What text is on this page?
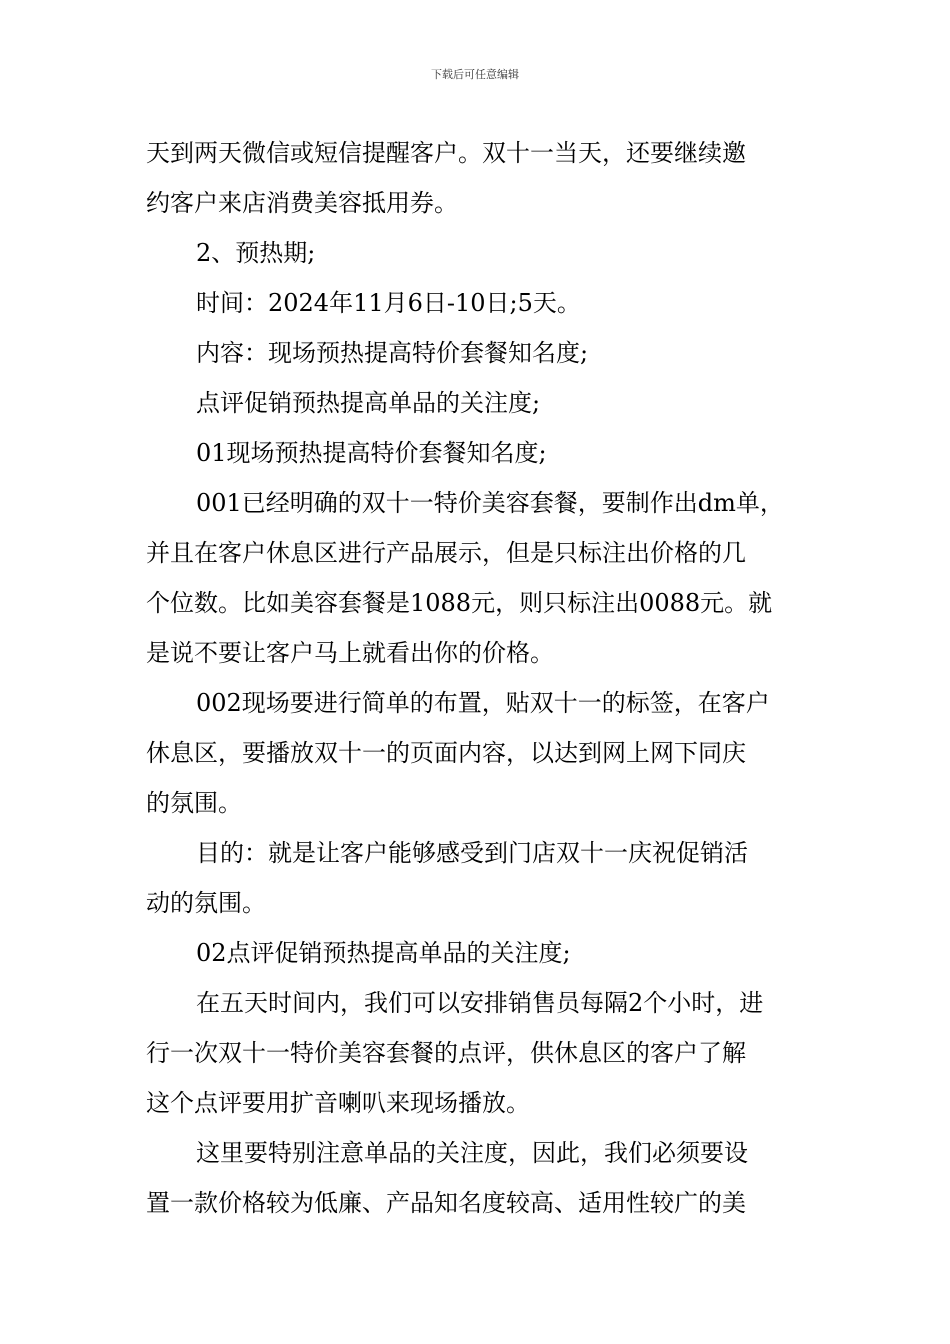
下载后可任意编辑
天到两天微信或短信提醒客户。双十一当天，还要继续邀
约客户来店消费美容抵用券。
2、预热期;
时间：2024年11月6日-10日;5天。
内容：现场预热提高特价套餐知名度;
点评促销预热提高单品的关注度;
01现场预热提高特价套餐知名度;
001已经明确的双十一特价美容套餐，要制作出dm单，
并且在客户休息区进行产品展示，但是只标注出价格的几
个位数。比如美容套餐是1088元，则只标注出0088元。就
是说不要让客户马上就看出你的价格。
002现场要进行简单的布置，贴双十一的标签，在客户
休息区，要播放双十一的页面内容，以达到网上网下同庆
的氛围。
目的：就是让客户能够感受到门店双十一庆祝促销活
动的氛围。
02点评促销预热提高单品的关注度;
在五天时间内，我们可以安排销售员每隔2个小时，进
行一次双十一特价美容套餐的点评，供休息区的客户了解
这个点评要用扩音喇叭来现场播放。
这里要特别注意单品的关注度，因此，我们必须要设
置一款价格较为低廉、产品知名度较高、适用性较广的美
